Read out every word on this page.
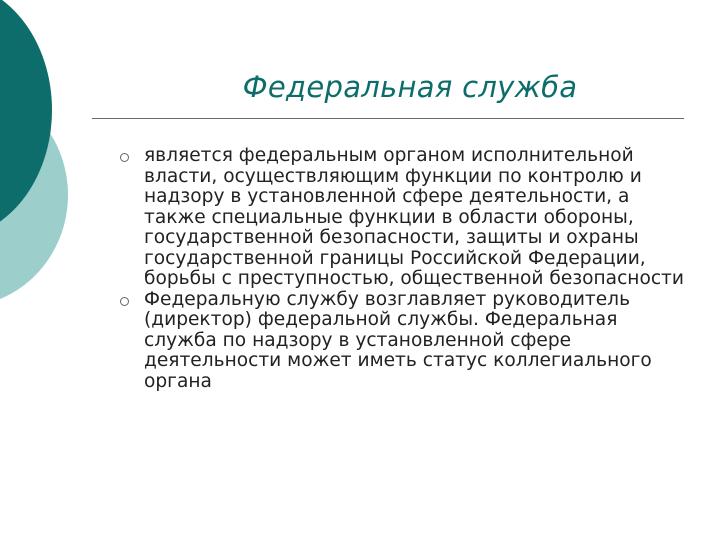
Федеральная служба
является федеральным органом исполнительной власти, осуществляющим функции по контролю и надзору в установленной сфере деятельности, а также специальные функции в области обороны, государственной безопасности, защиты и охраны государственной границы Российской Федерации, борьбы с преступностью, общественной безопасности
Федеральную службу возглавляет руководитель (директор) федеральной службы. Федеральная служба по надзору в установленной сфере деятельности может иметь статус коллегиального органа
